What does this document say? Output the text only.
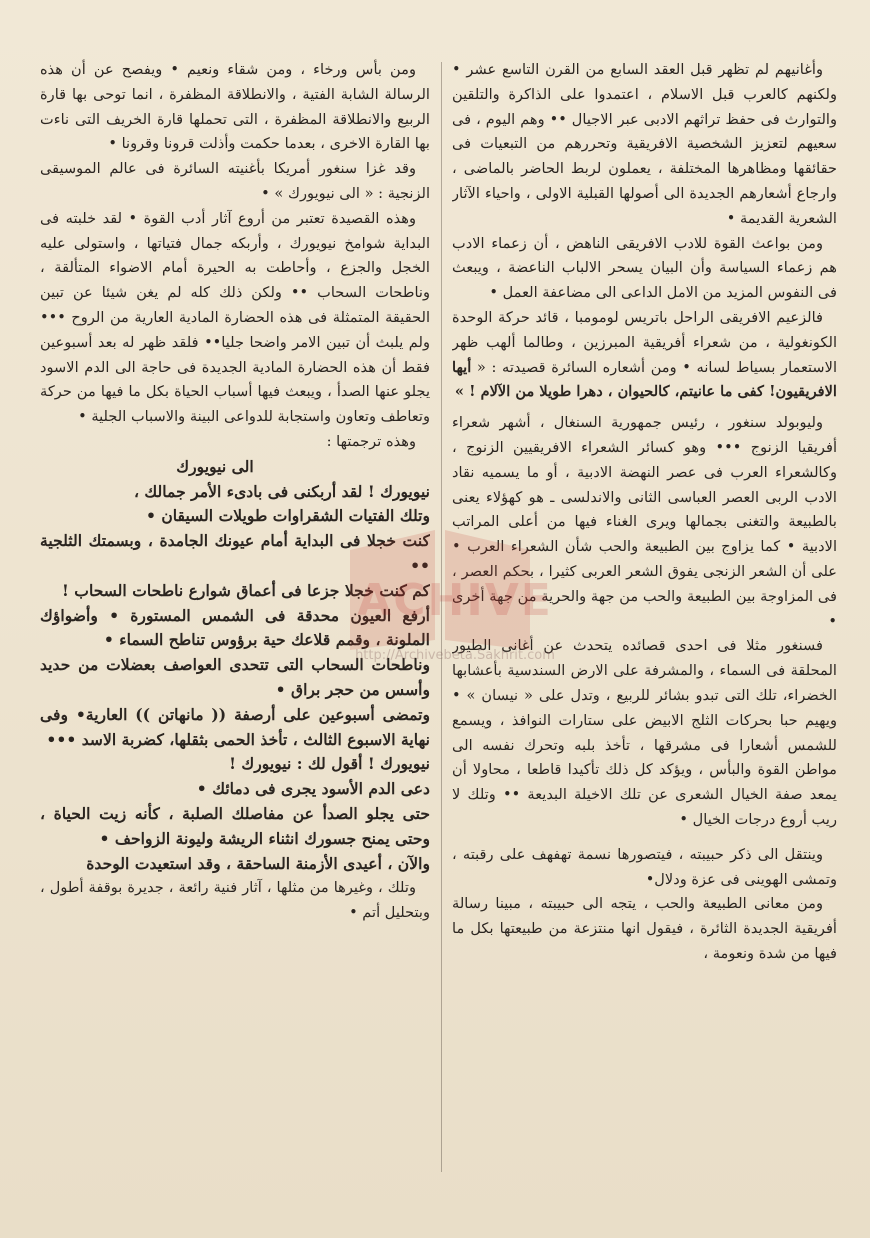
وأغانيهم لم تظهر قبل العقد السابع من القرن التاسع عشر • ولكنهم كالعرب قبل الاسلام ، اعتمدوا على الذاكرة والتلقين والتوارث فى حفظ تراثهم الادبى عبر الاجيال •• وهم اليوم ، فى سعيهم لتعزيز الشخصية الافريقية وتحررهم من التبعيات فى حقائقها ومظاهرها المختلفة ، يعملون لربط الحاضر بالماضى ، وارجاع أشعارهم الجديدة الى أصولها القبلية الاولى ، واحياء الآثار الشعرية القديمة •

ومن بواعث القوة للادب الافريقى الناهض ، أن زعماء الادب هم زعماء السياسة وأن البيان يسحر الالباب الناعضة ، ويبعث فى النفوس المزيد من الامل الداعى الى مضاعفة العمل •

فالزعيم الافريقى الراحل باتريس لومومبا ، قائد حركة الوحدة الكونغولية ، من شعراء أفريقية المبرزين ، وطالما ألهب ظهر الاستعمار بسياط لسانه • ومن أشعاره السائرة قصيدته : « أيها الافريقيون! كفى ما عانيتم، كالحيوان ، دهرا طويلا من الآلام ! »

وليوبولد سنغور ، رئيس جمهورية السنغال ، أشهر شعراء أفريقيا الزنوج ••• وهو كسائر الشعراء الافريقيين الزنوج ، وكالشعراء العرب فى عصر النهضة الادبية ، أو ما يسميه نقاد الادب الربى العصر العباسى الثانى والاندلسى ـ هو كهؤلاء يعنى بالطبيعة والتغنى بجمالها ويرى الغناء فيها من أعلى المراتب الادبية • كما يزاوج بين الطبيعة والحب شأن الشعراء العرب • على أن الشعر الزنجى يفوق الشعر العربى كثيرا ، بحكم العصر ، فى المزاوجة بين الطبيعة والحب من جهة والحرية من جهة أخرى •

فسنغور مثلا فى احدى قصائده يتحدث عن أغانى الطيور المحلقة فى السماء ، والمشرفة على الارض السندسية بأعشابها الخضراء، تلك التى تبدو بشائر للربيع ، وتدل على « نيسان » • ويهيم حبا بحركات الثلج الابيض على ستارات النوافذ ، ويسمع للشمس أشعارا فى مشرقها ، تأخذ بلبه وتحرك نفسه الى مواطن القوة والبأس ، ويؤكد كل ذلك تأكيدا قاطعا ، محاولا أن يمعد صفة الخيال الشعرى عن تلك الاخيلة البديعة •• وتلك لا ريب أروع درجات الخيال •

وينتقل الى ذكر حبيبته ، فيتصورها نسمة تهفهف على رقبته ، وتمشى الهوينى فى عزة ودلال•

ومن معانى الطبيعة والحب ، يتجه الى حبيبته ، مبينا رسالة أفريقية الجديدة الثائرة ، فيقول انها منتزعة من طبيعتها بكل ما فيها من شدة ونعومة ،

ومن بأس ورخاء ، ومن شقاء ونعيم • ويفصح عن أن هذه الرسالة الشابة الفتية ، والانطلاقة المظفرة ، انما توحى بها قارة الربيع والانطلاقة المظفرة ، التى تحملها قارة الخريف التى ناءت بها القارة الاخرى ، بعدما حكمت وأذلت قرونا وقرونا •

وقد غزا سنغور أمريكا بأغنيته السائرة فى عالم الموسيقى الزنجية : « الى نيويورك » •

وهذه القصيدة تعتبر من أروع آثار أدب القوة • لقد خلبته فى البداية شوامخ نيويورك ، وأربكه جمال فتياتها ، واستولى عليه الخجل والجزع ، وأحاطت به الحيرة أمام الاضواء المتألقة ، وناطحات السحاب •• ولكن ذلك كله لم يغن شيئا عن تبين الحقيقة المتمثلة فى هذه الحضارة المادية العارية من الروح ••• ولم يلبث أن تبين الامر واضحا جليا•• فلقد ظهر له بعد أسبوعين فقط أن هذه الحضارة المادية الجديدة فى حاجة الى الدم الاسود يجلو عنها الصدأ ، ويبعث فيها أسباب الحياة بكل ما فيها من حركة وتعاطف وتعاون واستجابة للدواعى البينة والاسباب الجلية •

وهذه ترجمتها :

الى نيويورك

نيويورك ! لقد أربكنى فى بادىء الأمر جمالك ،

وتلك الفتيات الشقراوات طويلات السيقان •

كنت خجلا فى البداية أمام عيونك الجامدة ، وبسمتك الثلجية ••

كم كنت خجلا جزعا فى أعماق شوارع ناطحات السحاب !

أرفع العيون محدقة فى الشمس المستورة • وأضواؤك الملونة ، وقمم قلاعك حية برؤوس تناطح السماء •

وناطحات السحاب التى تتحدى العواصف بعضلات من حديد وأسس من حجر براق •

وتمضى أسبوعين على أرصفة (( مانهاتن )) العارية• وفى نهاية الاسبوع الثالث ، تأخذ الحمى بثقلها، كضربة الاسد •••

نيويورك ! أقول لك : نيويورك !

دعى الدم الأسود يجرى فى دمائك •

حتى يجلو الصدأ عن مفاصلك الصلبة ، كأنه زيت الحياة ، وحتى يمنح جسورك انثناء الريشة وليونة الزواحف •

والآن ، أعيدى الأزمنة الساحقة ، وقد استعيدت الوحدة

وتلك ، وغيرها من مثلها ، آثار فنية رائعة ، جديرة بوقفة أطول ، وبتحليل أتم •

ACHIVE
http://Archivebeta.Sakhrit.com
